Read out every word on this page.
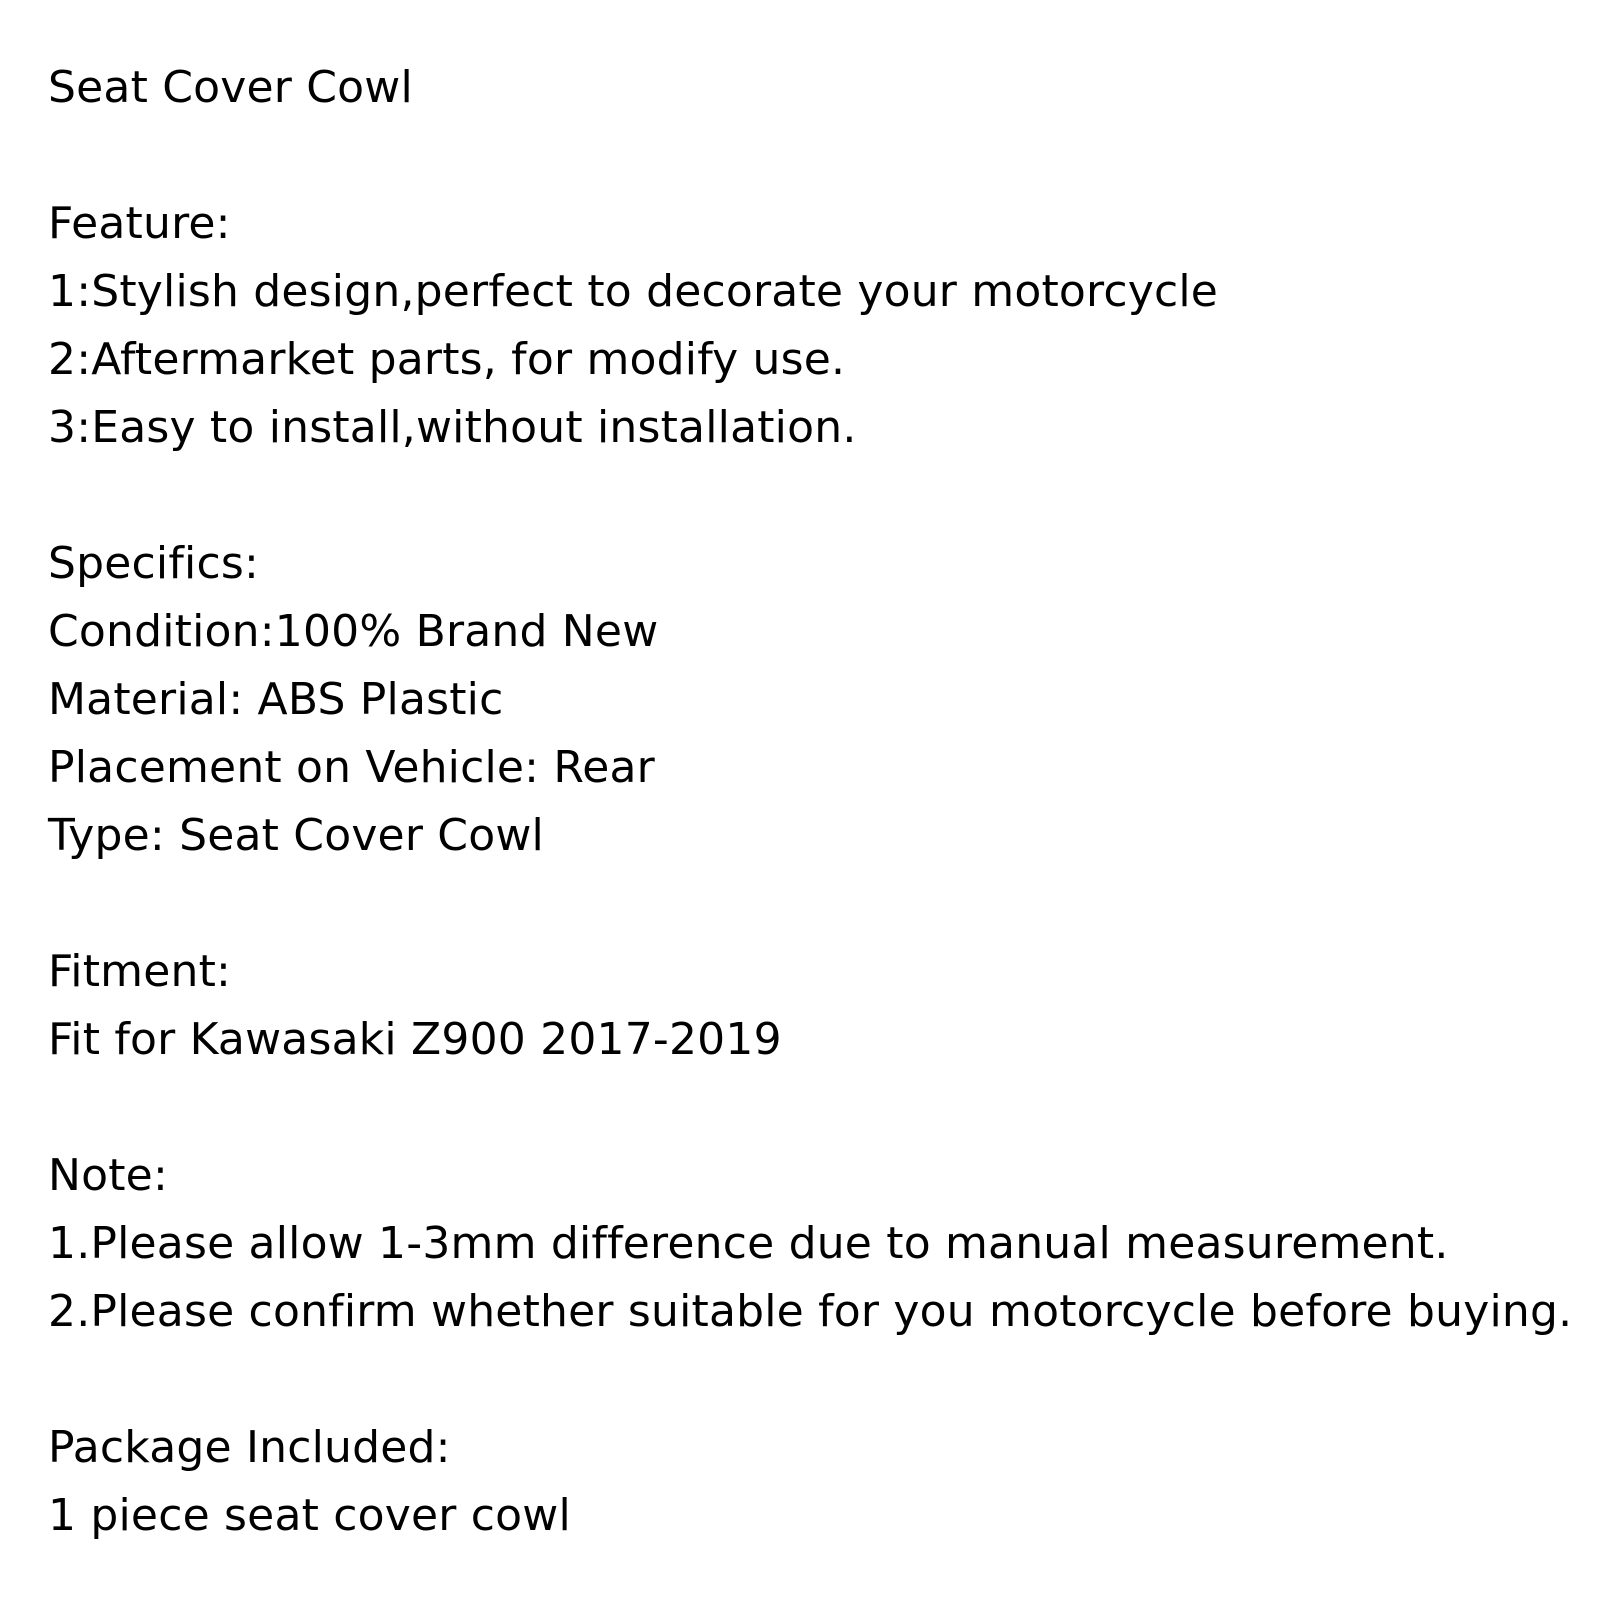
Seat Cover Cowl
Feature:
1:Stylish design,perfect to decorate your motorcycle
2:Aftermarket parts, for modify use.
3:Easy to install,without installation.
Specifics:
Condition:100% Brand New
Material: ABS Plastic
Placement on Vehicle: Rear
Type: Seat Cover Cowl
Fitment:
Fit for Kawasaki Z900 2017-2019
Note:
1.Please allow 1-3mm difference due to manual measurement.
2.Please confirm whether suitable for you motorcycle before buying.
Package Included:
1 piece seat cover cowl
